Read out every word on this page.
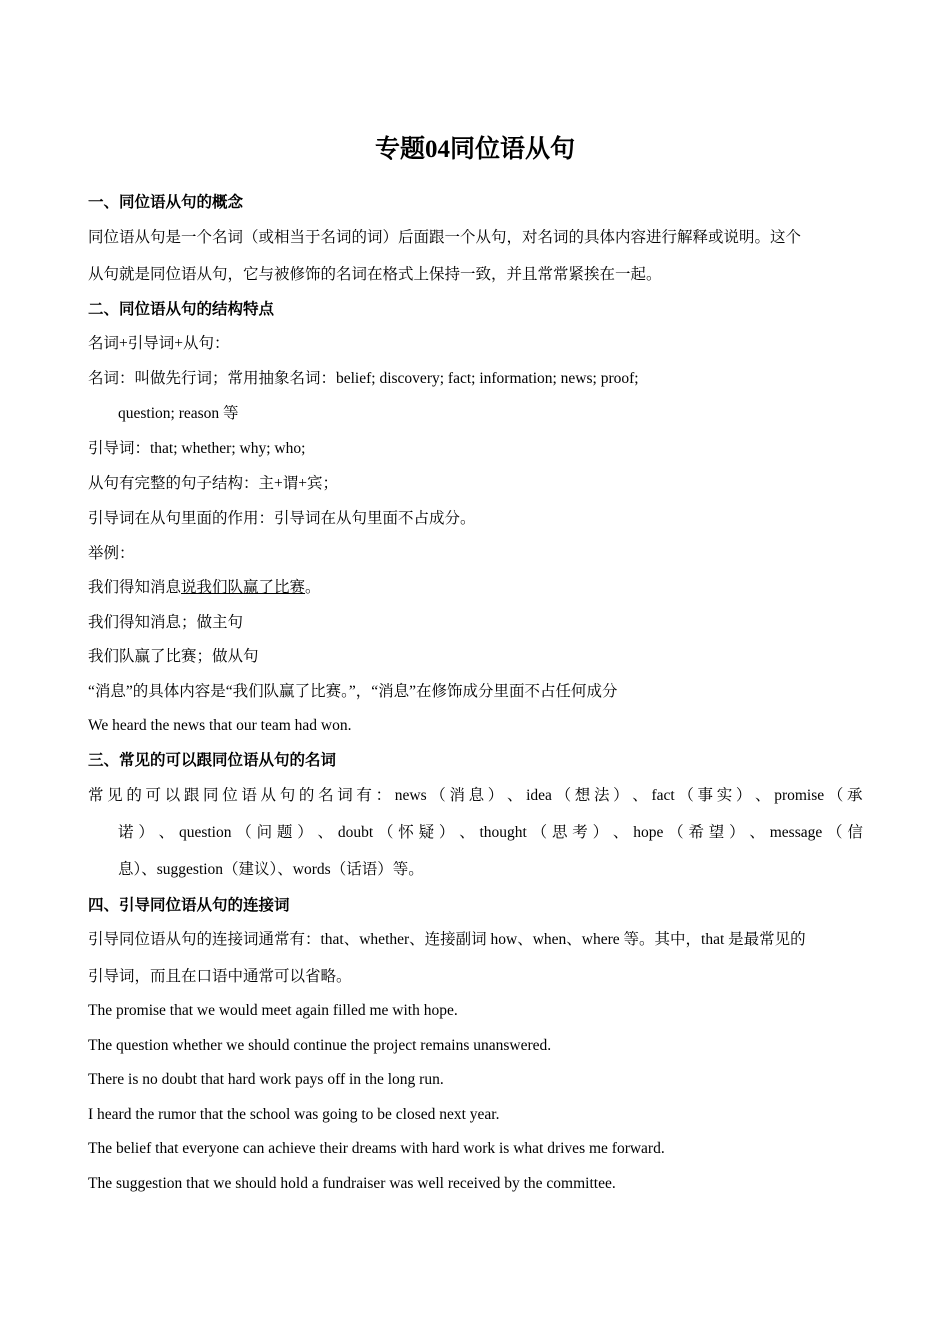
专题04同位语从句
一、同位语从句的概念
同位语从句是一个名词（或相当于名词的词）后面跟一个从句，对名词的具体内容进行解释或说明。这个
从句就是同位语从句，它与被修饰的名词在格式上保持一致，并且常常紧挨在一起。
二、同位语从句的结构特点
名词+引导词+从句：
名词：叫做先行词；常用抽象名词：belief; discovery; fact; information; news; proof;
question; reason 等
引导词：that; whether; why; who;
从句有完整的句子结构：主+谓+宾；
引导词在从句里面的作用：引导词在从句里面不占成分。
举例：
我们得知消息说我们队赢了比赛。
我们得知消息；做主句
我们队赢了比赛；做从句
“消息”的具体内容是“我们队赢了比赛。”，“消息”在修饰成分里面不占任何成分
We heard the news that our team had won.
三、常见的可以跟同位语从句的名词
常 见 的 可 以 跟 同 位 语 从 句 的 名 词 有 ： news （ 消 息 ） 、 idea （ 想 法 ） 、 fact （ 事 实 ） 、 promise （ 承
诺 ） 、 question （ 问 题 ） 、 doubt （ 怀 疑 ） 、 thought （ 思 考 ） 、 hope （ 希 望 ） 、 message （ 信
息）、suggestion（建议）、words（话语）等。
四、引导同位语从句的连接词
引导同位语从句的连接词通常有：that、whether、连接副词 how、when、where 等。其中，that 是最常见的
引导词，而且在口语中通常可以省略。
The promise that we would meet again filled me with hope.
The question whether we should continue the project remains unanswered.
There is no doubt that hard work pays off in the long run.
I heard the rumor that the school was going to be closed next year.
The belief that everyone can achieve their dreams with hard work is what drives me forward.
The suggestion that we should hold a fundraiser was well received by the committee.
